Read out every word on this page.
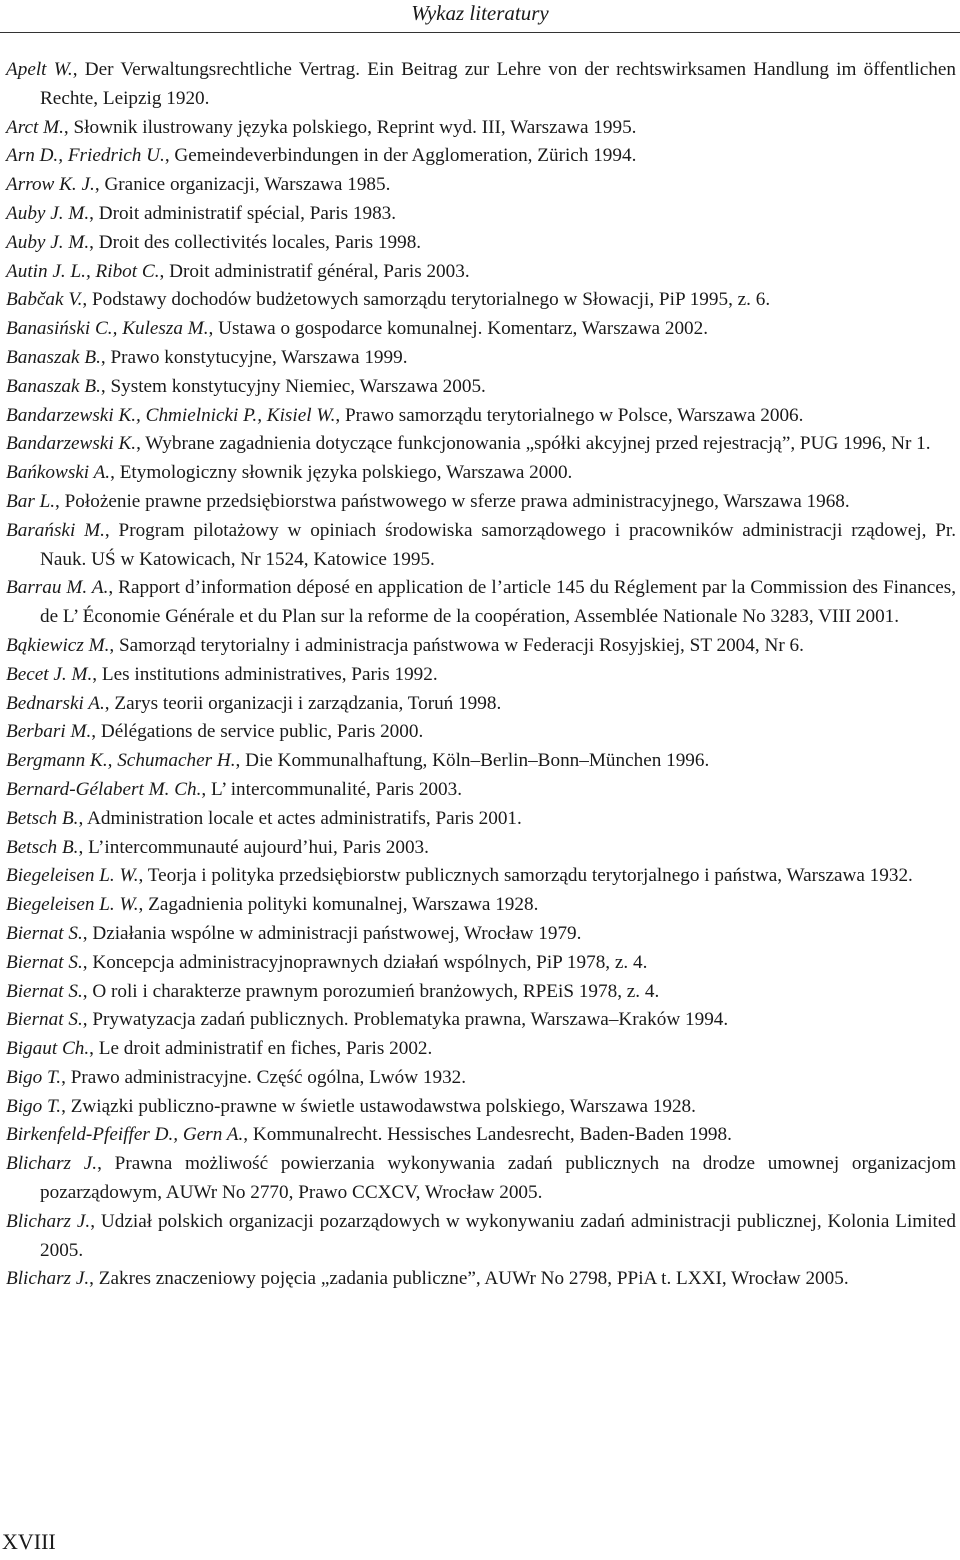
Wykaz literatury
Apelt W., Der Verwaltungsrechtliche Vertrag. Ein Beitrag zur Lehre von der rechtswirksamen Handlung im öffentlichen Rechte, Leipzig 1920.
Arct M., Słownik ilustrowany języka polskiego, Reprint wyd. III, Warszawa 1995.
Arn D., Friedrich U., Gemeindeverbindungen in der Agglomeration, Zürich 1994.
Arrow K. J., Granice organizacji, Warszawa 1985.
Auby J. M., Droit administratif spécial, Paris 1983.
Auby J. M., Droit des collectivités locales, Paris 1998.
Autin J. L., Ribot C., Droit administratif général, Paris 2003.
Babčak V., Podstawy dochodów budżetowych samorządu terytorialnego w Słowacji, PiP 1995, z. 6.
Banasiński C., Kulesza M., Ustawa o gospodarce komunalnej. Komentarz, Warszawa 2002.
Banaszak B., Prawo konstytucyjne, Warszawa 1999.
Banaszak B., System konstytucyjny Niemiec, Warszawa 2005.
Bandarzewski K., Chmielnicki P., Kisiel W., Prawo samorządu terytorialnego w Polsce, Warszawa 2006.
Bandarzewski K., Wybrane zagadnienia dotyczące funkcjonowania „spółki akcyjnej przed rejestracją”, PUG 1996, Nr 1.
Bańkowski A., Etymologiczny słownik języka polskiego, Warszawa 2000.
Bar L., Położenie prawne przedsiębiorstwa państwowego w sferze prawa administracyjnego, Warszawa 1968.
Barański M., Program pilotażowy w opiniach środowiska samorządowego i pracowników administracji rządowej, Pr. Nauk. UŚ w Katowicach, Nr 1524, Katowice 1995.
Barrau M. A., Rapport d’information déposé en application de l’article 145 du Réglement par la Commission des Finances, de L’ Économie Générale et du Plan sur la reforme de la coopération, Assemblée Nationale No 3283, VIII 2001.
Bąkiewicz M., Samorząd terytorialny i administracja państwowa w Federacji Rosyjskiej, ST 2004, Nr 6.
Becet J. M., Les institutions administratives, Paris 1992.
Bednarski A., Zarys teorii organizacji i zarządzania, Toruń 1998.
Berbari M., Délégations de service public, Paris 2000.
Bergmann K., Schumacher H., Die Kommunalhaftung, Köln–Berlin–Bonn–München 1996.
Bernard-Gélabert M. Ch., L’ intercommunalité, Paris 2003.
Betsch B., Administration locale et actes administratifs, Paris 2001.
Betsch B., L’intercommunauté aujourd’hui, Paris 2003.
Biegeleisen L. W., Teorja i polityka przedsiębiorstw publicznych samorządu terytorjalnego i państwa, Warszawa 1932.
Biegeleisen L. W., Zagadnienia polityki komunalnej, Warszawa 1928.
Biernat S., Działania wspólne w administracji państwowej, Wrocław 1979.
Biernat S., Koncepcja administracyjnoprawnych działań wspólnych, PiP 1978, z. 4.
Biernat S., O roli i charakterze prawnym porozumień branżowych, RPEiS 1978, z. 4.
Biernat S., Prywatyzacja zadań publicznych. Problematyka prawna, Warszawa–Kraków 1994.
Bigaut Ch., Le droit administratif en fiches, Paris 2002.
Bigo T., Prawo administracyjne. Część ogólna, Lwów 1932.
Bigo T., Związki publiczno-prawne w świetle ustawodawstwa polskiego, Warszawa 1928.
Birkenfeld-Pfeiffer D., Gern A., Kommunalrecht. Hessisches Landesrecht, Baden-Baden 1998.
Blicharz J., Prawna możliwość powierzania wykonywania zadań publicznych na drodze umownej organizacjom pozarządowym, AUWr No 2770, Prawo CCXCV, Wrocław 2005.
Blicharz J., Udział polskich organizacji pozarządowych w wykonywaniu zadań administracji publicznej, Kolonia Limited 2005.
Blicharz J., Zakres znaczeniowy pojęcia „zadania publiczne”, AUWr No 2798, PPiA t. LXXI, Wrocław 2005.
XVIII
